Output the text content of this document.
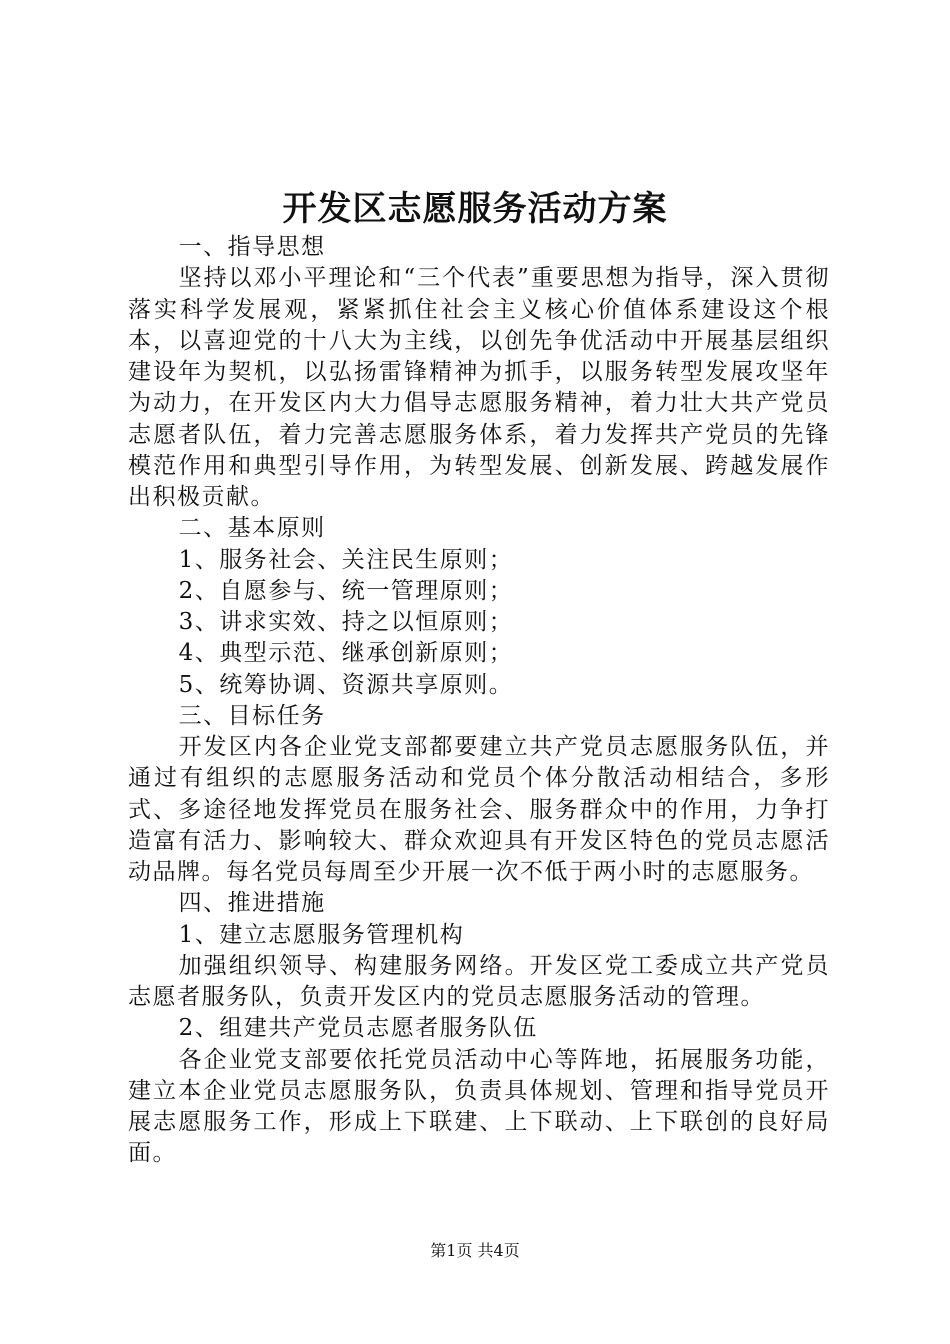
开发区志愿服务活动方案

一、指导思想

坚持以邓小平理论和“三个代表”重要思想为指导，深入贯彻落实科学发展观，紧紧抓住社会主义核心价值体系建设这个根本，以喜迎党的十八大为主线，以创先争优活动中开展基层组织建设年为契机，以弘扬雷锋精神为抓手，以服务转型发展攻坚年为动力，在开发区内大力倡导志愿服务精神，着力壮大共产党员志愿者队伍，着力完善志愿服务体系，着力发挥共产党员的先锋模范作用和典型引导作用，为转型发展、创新发展、跨越发展作出积极贡献。

二、基本原则

1、服务社会、关注民生原则；

2、自愿参与、统一管理原则；

3、讲求实效、持之以恒原则；

4、典型示范、继承创新原则；

5、统筹协调、资源共享原则。

三、目标任务

开发区内各企业党支部都要建立共产党员志愿服务队伍，并通过有组织的志愿服务活动和党员个体分散活动相结合，多形式、多途径地发挥党员在服务社会、服务群众中的作用，力争打造富有活力、影响较大、群众欢迎具有开发区特色的党员志愿活动品牌。每名党员每周至少开展一次不低于两小时的志愿服务。

四、推进措施

1、建立志愿服务管理机构

加强组织领导、构建服务网络。开发区党工委成立共产党员志愿者服务队，负责开发区内的党员志愿服务活动的管理。

2、组建共产党员志愿者服务队伍

各企业党支部要依托党员活动中心等阵地，拓展服务功能，建立本企业党员志愿服务队，负责具体规划、管理和指导党员开展志愿服务工作，形成上下联建、上下联动、上下联创的良好局面。

第1页 共4页
